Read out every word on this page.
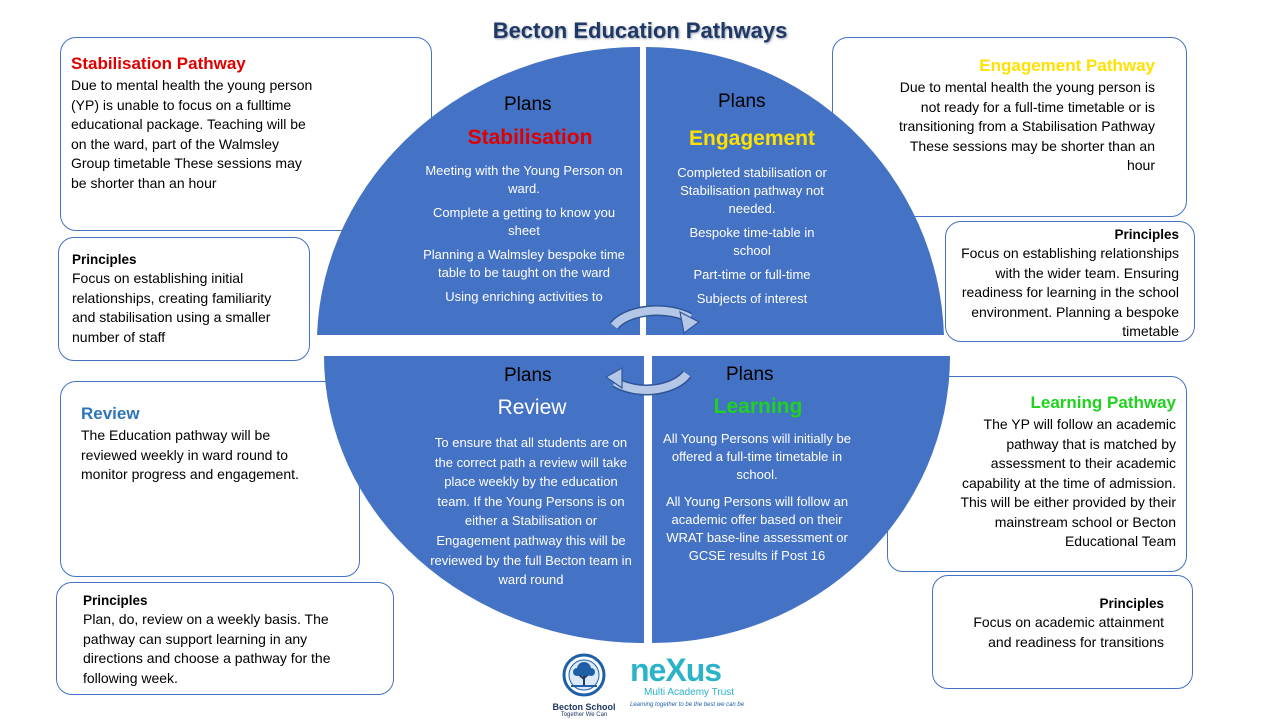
Becton Education Pathways
Stabilisation Pathway

Due to mental health the young person (YP) is unable to focus on a fulltime educational package. Teaching will be on the ward, part of the Walmsley Group timetable These sessions may be shorter than an hour

Principles

Focus on establishing initial relationships, creating familiarity and stabilisation using a smaller number of staff

Review

The Education pathway will be reviewed weekly in ward round to monitor progress and engagement.

Principles

Plan, do, review on a weekly basis. The pathway can support learning in any directions and choose a pathway for the following week.

Engagement Pathway

Due to mental health the young person is not ready for a full-time timetable or is transitioning from a Stabilisation Pathway These sessions may be shorter than an hour

Principles

Focus on establishing relationships with the wider team. Ensuring readiness for learning in the school environment. Planning a bespoke timetable

Learning Pathway

The YP will follow an academic pathway that is matched by assessment to their academic capability at the time of admission. This will be either provided by their mainstream school or Becton Educational Team

Principles

Focus on academic attainment and readiness for transitions

Plans
Stabilisation

Meeting with the Young Person on ward.

Complete a getting to know you sheet

Planning a Walmsley bespoke time table to be taught on the ward

Using enriching activities to

Plans
Engagement

Completed stabilisation or Stabilisation pathway not needed.

Bespoke time-table in school

Part-time or full-time

Subjects of interest

Plans
Review
To ensure that all students are on the correct path a review will take place weekly by the education team. If the Young Persons is on either a Stabilisation or Engagement pathway this will be reviewed by the full Becton team in ward round
Plans
Learning

All Young Persons will initially be offered a full-time timetable in school.

All Young Persons will follow an academic offer based on their WRAT base-line assessment or GCSE results if Post 16

Becton School
Together We Can
neXus
Multi Academy Trust
Learning together to be the best we can be
